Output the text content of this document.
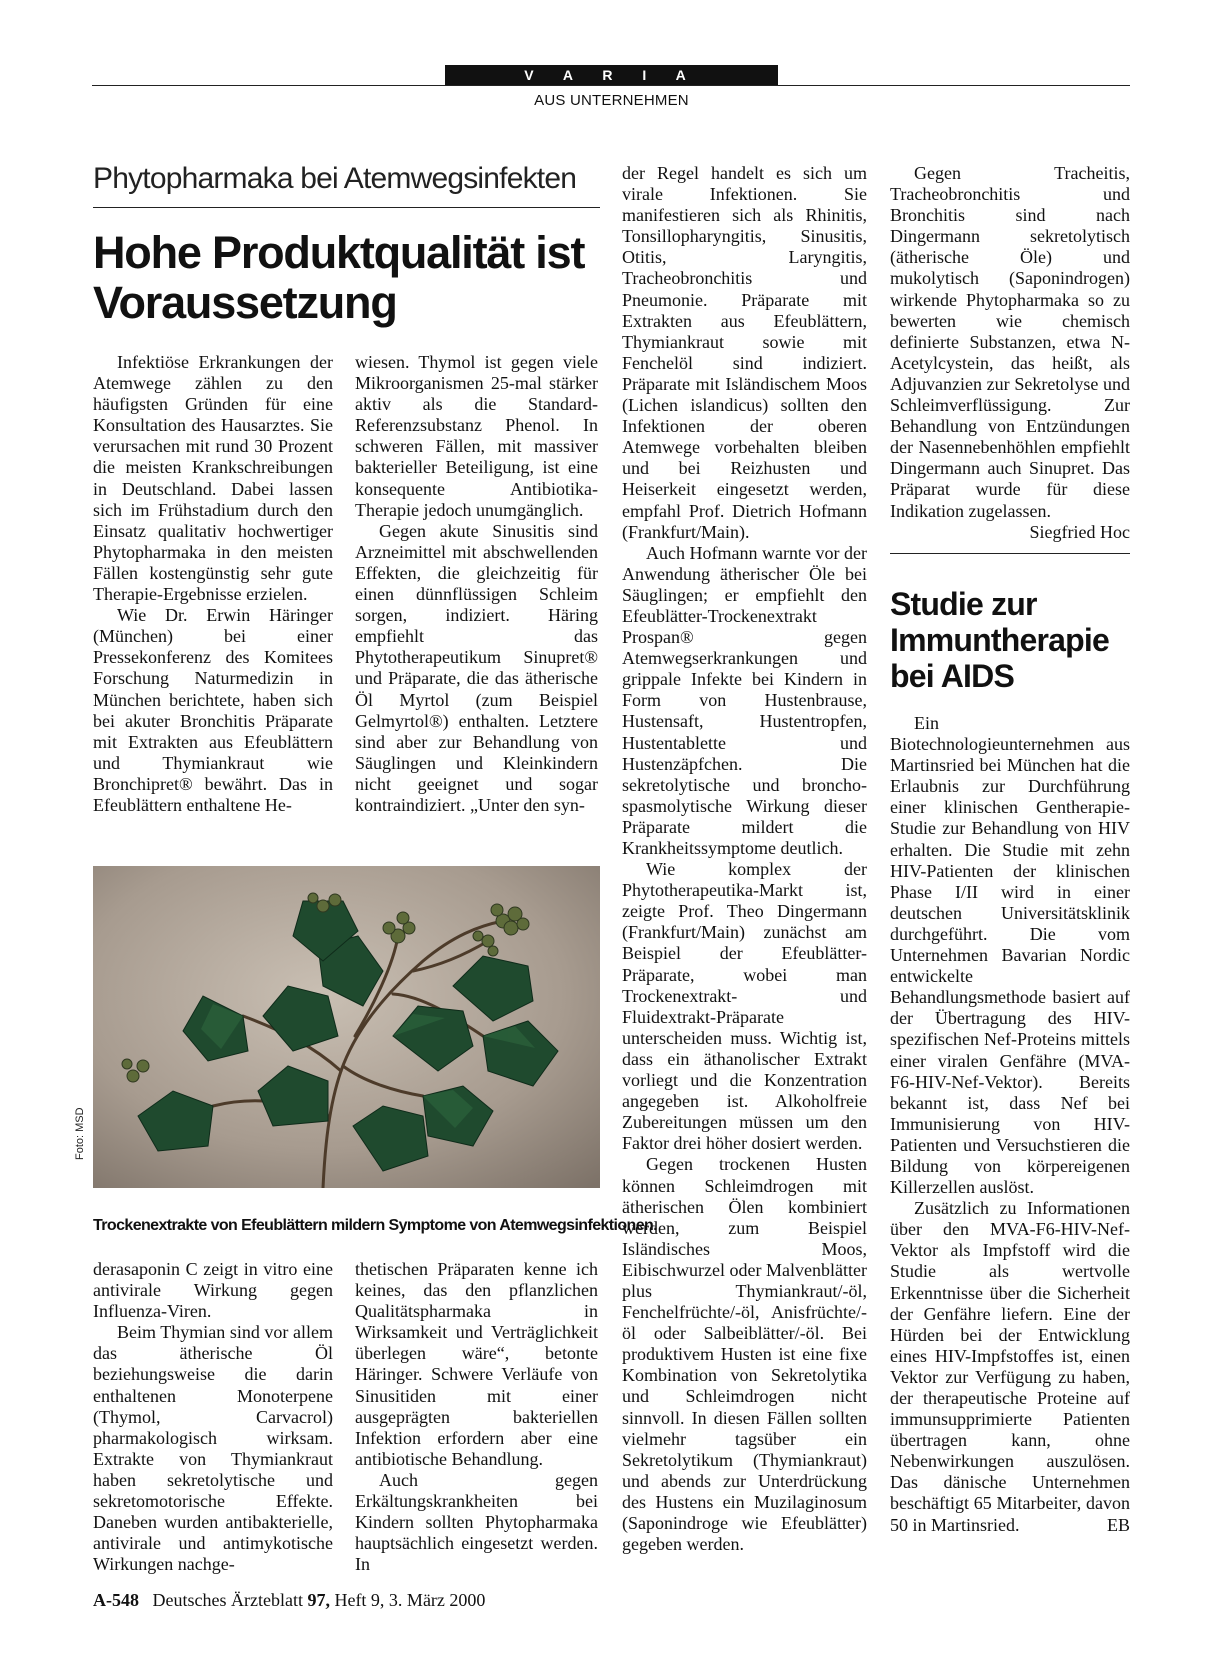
V A R I A
AUS UNTERNEHMEN
Phytopharmaka bei Atemwegsinfekten
Hohe Produktqualität ist Voraussetzung

Infektiöse Erkrankungen der Atemwege zählen zu den häufigsten Gründen für eine Konsultation des Hausarztes. Sie verursachen mit rund 30 Prozent die meisten Krankschreibungen in Deutschland. Dabei lassen sich im Frühstadium durch den Einsatz qualitativ hochwertiger Phytopharmaka in den meisten Fällen kostengünstig sehr gute Therapie-Ergebnisse erzielen.

Wie Dr. Erwin Häringer (München) bei einer Pressekonferenz des Komitees Forschung Naturmedizin in München berichtete, haben sich bei akuter Bronchitis Präparate mit Extrakten aus Efeublättern und Thymiankraut wie Bronchipret® bewährt. Das in Efeublättern enthaltene He-

wiesen. Thymol ist gegen viele Mikroorganismen 25-mal stärker aktiv als die Standard-Referenzsubstanz Phenol. In schweren Fällen, mit massiver bakterieller Beteiligung, ist eine konsequente Antibiotika-Therapie jedoch unumgänglich.

Gegen akute Sinusitis sind Arzneimittel mit abschwellenden Effekten, die gleichzeitig für einen dünnflüssigen Schleim sorgen, indiziert. Häring empfiehlt das Phytotherapeutikum Sinupret® und Präparate, die das ätherische Öl Myrtol (zum Beispiel Gelmyrtol®) enthalten. Letztere sind aber zur Behandlung von Säuglingen und Kleinkindern nicht geeignet und sogar kontraindiziert. „Unter den syn-

Foto: MSD
Trockenextrakte von Efeublättern mildern Symptome von Atemwegsinfektionen.

derasaponin C zeigt in vitro eine antivirale Wirkung gegen Influenza-Viren.

Beim Thymian sind vor allem das ätherische Öl beziehungsweise die darin enthaltenen Monoterpene (Thymol, Carvacrol) pharmakologisch wirksam. Extrakte von Thymiankraut haben sekretolytische und sekretomotorische Effekte. Daneben wurden antibakterielle, antivirale und antimykotische Wirkungen nachge-

thetischen Präparaten kenne ich keines, das den pflanzlichen Qualitätspharmaka in Wirksamkeit und Verträglichkeit überlegen wäre“, betonte Häringer. Schwere Verläufe von Sinusitiden mit einer ausgeprägten bakteriellen Infektion erfordern aber eine antibiotische Behandlung.

Auch gegen Erkältungskrankheiten bei Kindern sollten Phytopharmaka hauptsächlich eingesetzt werden. In

der Regel handelt es sich um virale Infektionen. Sie manifestieren sich als Rhinitis, Tonsillopharyngitis, Sinusitis, Otitis, Laryngitis, Tracheobronchitis und Pneumonie. Präparate mit Extrakten aus Efeublättern, Thymiankraut sowie mit Fenchelöl sind indiziert. Präparate mit Isländischem Moos (Lichen islandicus) sollten den Infektionen der oberen Atemwege vorbehalten bleiben und bei Reizhusten und Heiserkeit eingesetzt werden, empfahl Prof. Dietrich Hofmann (Frankfurt/Main).

Auch Hofmann warnte vor der Anwendung ätherischer Öle bei Säuglingen; er empfiehlt den Efeublätter-Trockenextrakt Prospan® gegen Atemwegserkrankungen und grippale Infekte bei Kindern in Form von Hustenbrause, Hustensaft, Hustentropfen, Hustentablette und Hustenzäpfchen. Die sekretolytische und broncho-spasmolytische Wirkung dieser Präparate mildert die Krankheitssymptome deutlich.

Wie komplex der Phytotherapeutika-Markt ist, zeigte Prof. Theo Dingermann (Frankfurt/Main) zunächst am Beispiel der Efeublätter-Präparate, wobei man Trockenextrakt- und Fluidextrakt-Präparate unterscheiden muss. Wichtig ist, dass ein äthanolischer Extrakt vorliegt und die Konzentration angegeben ist. Alkoholfreie Zubereitungen müssen um den Faktor drei höher dosiert werden.

Gegen trockenen Husten können Schleimdrogen mit ätherischen Ölen kombiniert werden, zum Beispiel Isländisches Moos, Eibischwurzel oder Malvenblätter plus Thymiankraut/-öl, Fenchelfrüchte/-öl, Anisfrüchte/-öl oder Salbeiblätter/-öl. Bei produktivem Husten ist eine fixe Kombination von Sekretolytika und Schleimdrogen nicht sinnvoll. In diesen Fällen sollten vielmehr tagsüber ein Sekretolytikum (Thymiankraut) und abends zur Unterdrückung des Hustens ein Muzilaginosum (Saponindroge wie Efeublätter) gegeben werden.

Gegen Tracheitis, Tracheobronchitis und Bronchitis sind nach Dingermann sekretolytisch (ätherische Öle) und mukolytisch (Saponindrogen) wirkende Phytopharmaka so zu bewerten wie chemisch definierte Substanzen, etwa N-Acetylcystein, das heißt, als Adjuvanzien zur Sekretolyse und Schleimverflüssigung. Zur Behandlung von Entzündungen der Nasennebenhöhlen empfiehlt Dingermann auch Sinupret. Das Präparat wurde für diese Indikation zugelassen.
Siegfried Hoc

Studie zur Immuntherapie bei AIDS

Ein Biotechnologieunternehmen aus Martinsried bei München hat die Erlaubnis zur Durchführung einer klinischen Gentherapie-Studie zur Behandlung von HIV erhalten. Die Studie mit zehn HIV-Patienten der klinischen Phase I/II wird in einer deutschen Universitätsklinik durchgeführt. Die vom Unternehmen Bavarian Nordic entwickelte Behandlungsmethode basiert auf der Übertragung des HIV-spezifischen Nef-Proteins mittels einer viralen Genfähre (MVA-F6-HIV-Nef-Vektor). Bereits bekannt ist, dass Nef bei Immunisierung von HIV-Patienten und Versuchstieren die Bildung von körpereigenen Killerzellen auslöst.

Zusätzlich zu Informationen über den MVA-F6-HIV-Nef-Vektor als Impfstoff wird die Studie als wertvolle Erkenntnisse über die Sicherheit der Genfähre liefern. Eine der Hürden bei der Entwicklung eines HIV-Impfstoffes ist, einen Vektor zur Verfügung zu haben, der therapeutische Proteine auf immunsupprimierte Patienten übertragen kann, ohne Nebenwirkungen auszulösen. Das dänische Unternehmen beschäftigt 65 Mitarbeiter, davon 50 in Martinsried.	EB

A-548 Deutsches Ärzteblatt 97, Heft 9, 3. März 2000
